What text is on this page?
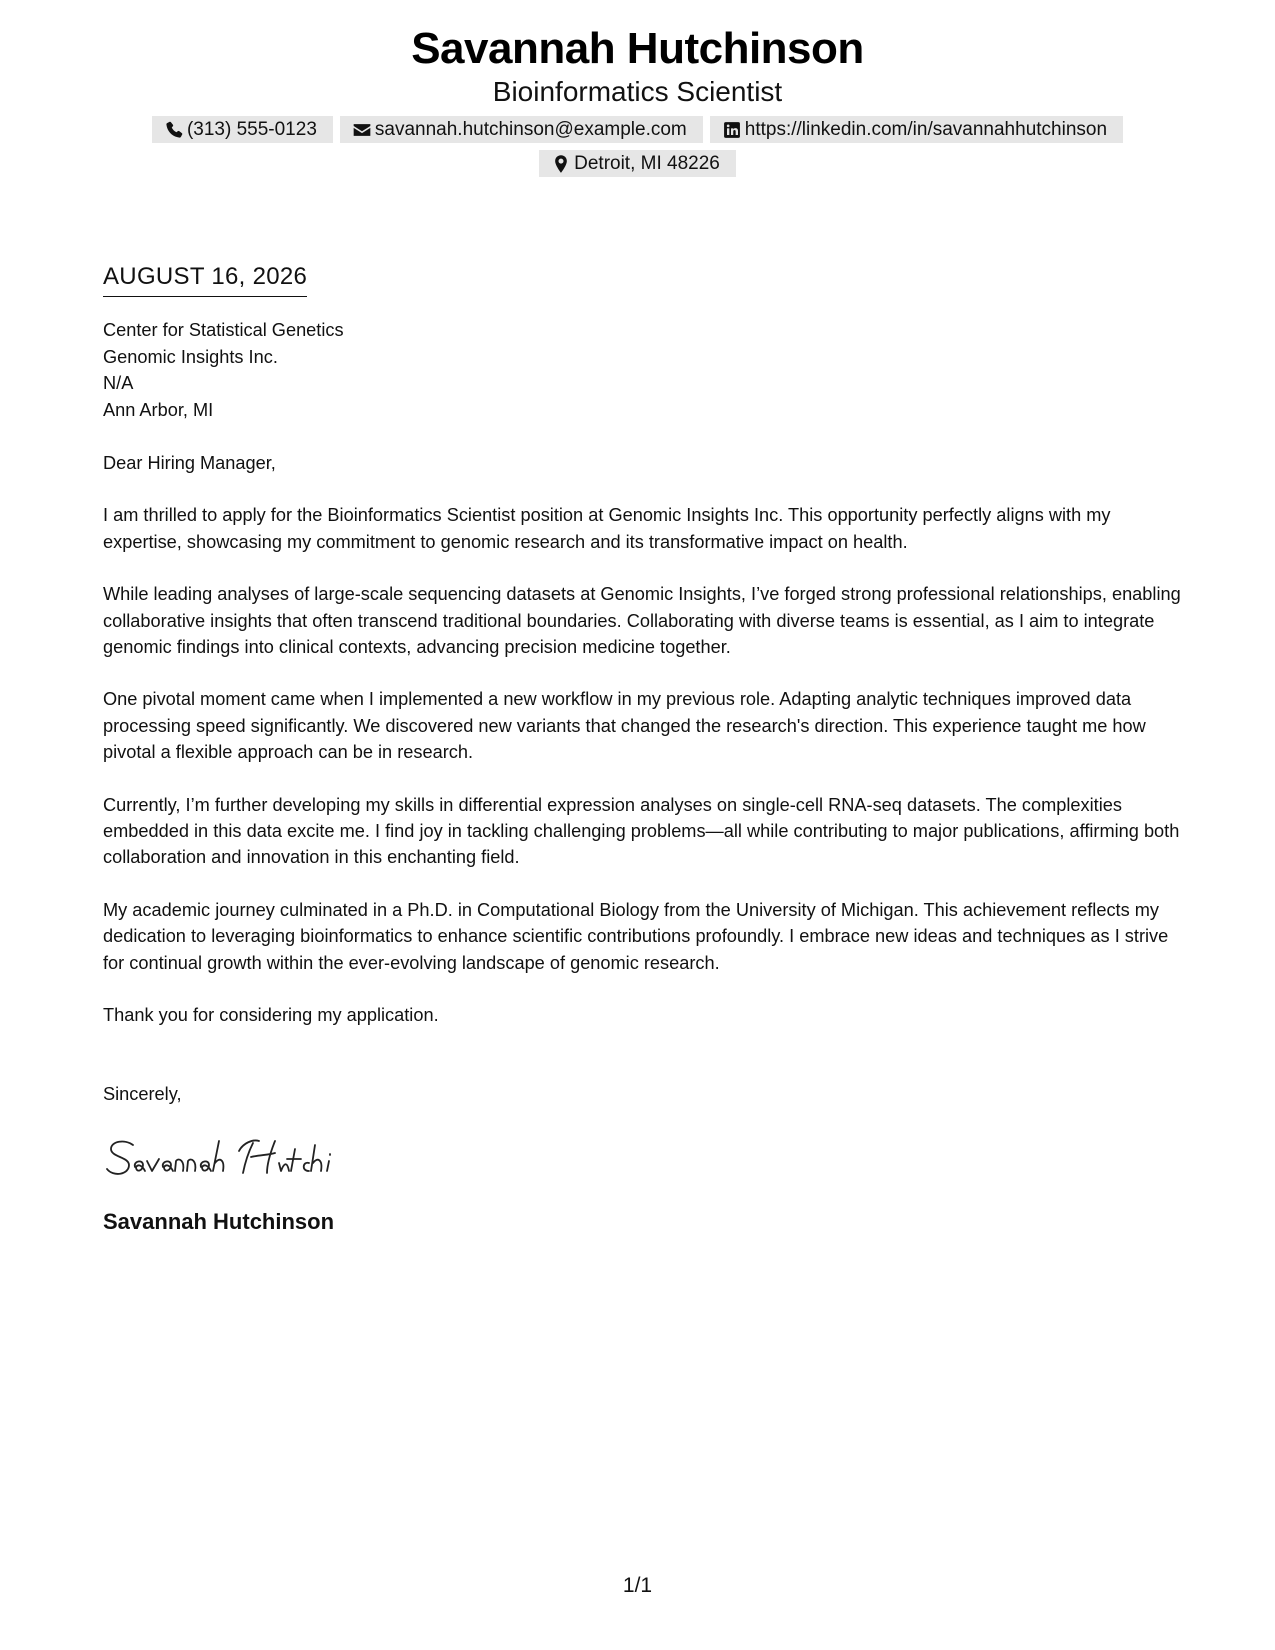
Savannah Hutchinson
Bioinformatics Scientist
(313) 555-0123	savannah.hutchinson@example.com	https://linkedin.com/in/savannahhutchinson
Detroit, MI 48226
AUGUST 16, 2026
Center for Statistical Genetics
Genomic Insights Inc.
N/A
Ann Arbor, MI
Dear Hiring Manager,
I am thrilled to apply for the Bioinformatics Scientist position at Genomic Insights Inc. This opportunity perfectly aligns with my expertise, showcasing my commitment to genomic research and its transformative impact on health.
While leading analyses of large-scale sequencing datasets at Genomic Insights, I’ve forged strong professional relationships, enabling collaborative insights that often transcend traditional boundaries. Collaborating with diverse teams is essential, as I aim to integrate genomic findings into clinical contexts, advancing precision medicine together.
One pivotal moment came when I implemented a new workflow in my previous role. Adapting analytic techniques improved data processing speed significantly. We discovered new variants that changed the research's direction. This experience taught me how pivotal a flexible approach can be in research.
Currently, I’m further developing my skills in differential expression analyses on single-cell RNA-seq datasets. The complexities embedded in this data excite me. I find joy in tackling challenging problems—all while contributing to major publications, affirming both collaboration and innovation in this enchanting field.
My academic journey culminated in a Ph.D. in Computational Biology from the University of Michigan. This achievement reflects my dedication to leveraging bioinformatics to enhance scientific contributions profoundly. I embrace new ideas and techniques as I strive for continual growth within the ever-evolving landscape of genomic research.
Thank you for considering my application.
Sincerely,
Savannah Hutchinson
1/1
